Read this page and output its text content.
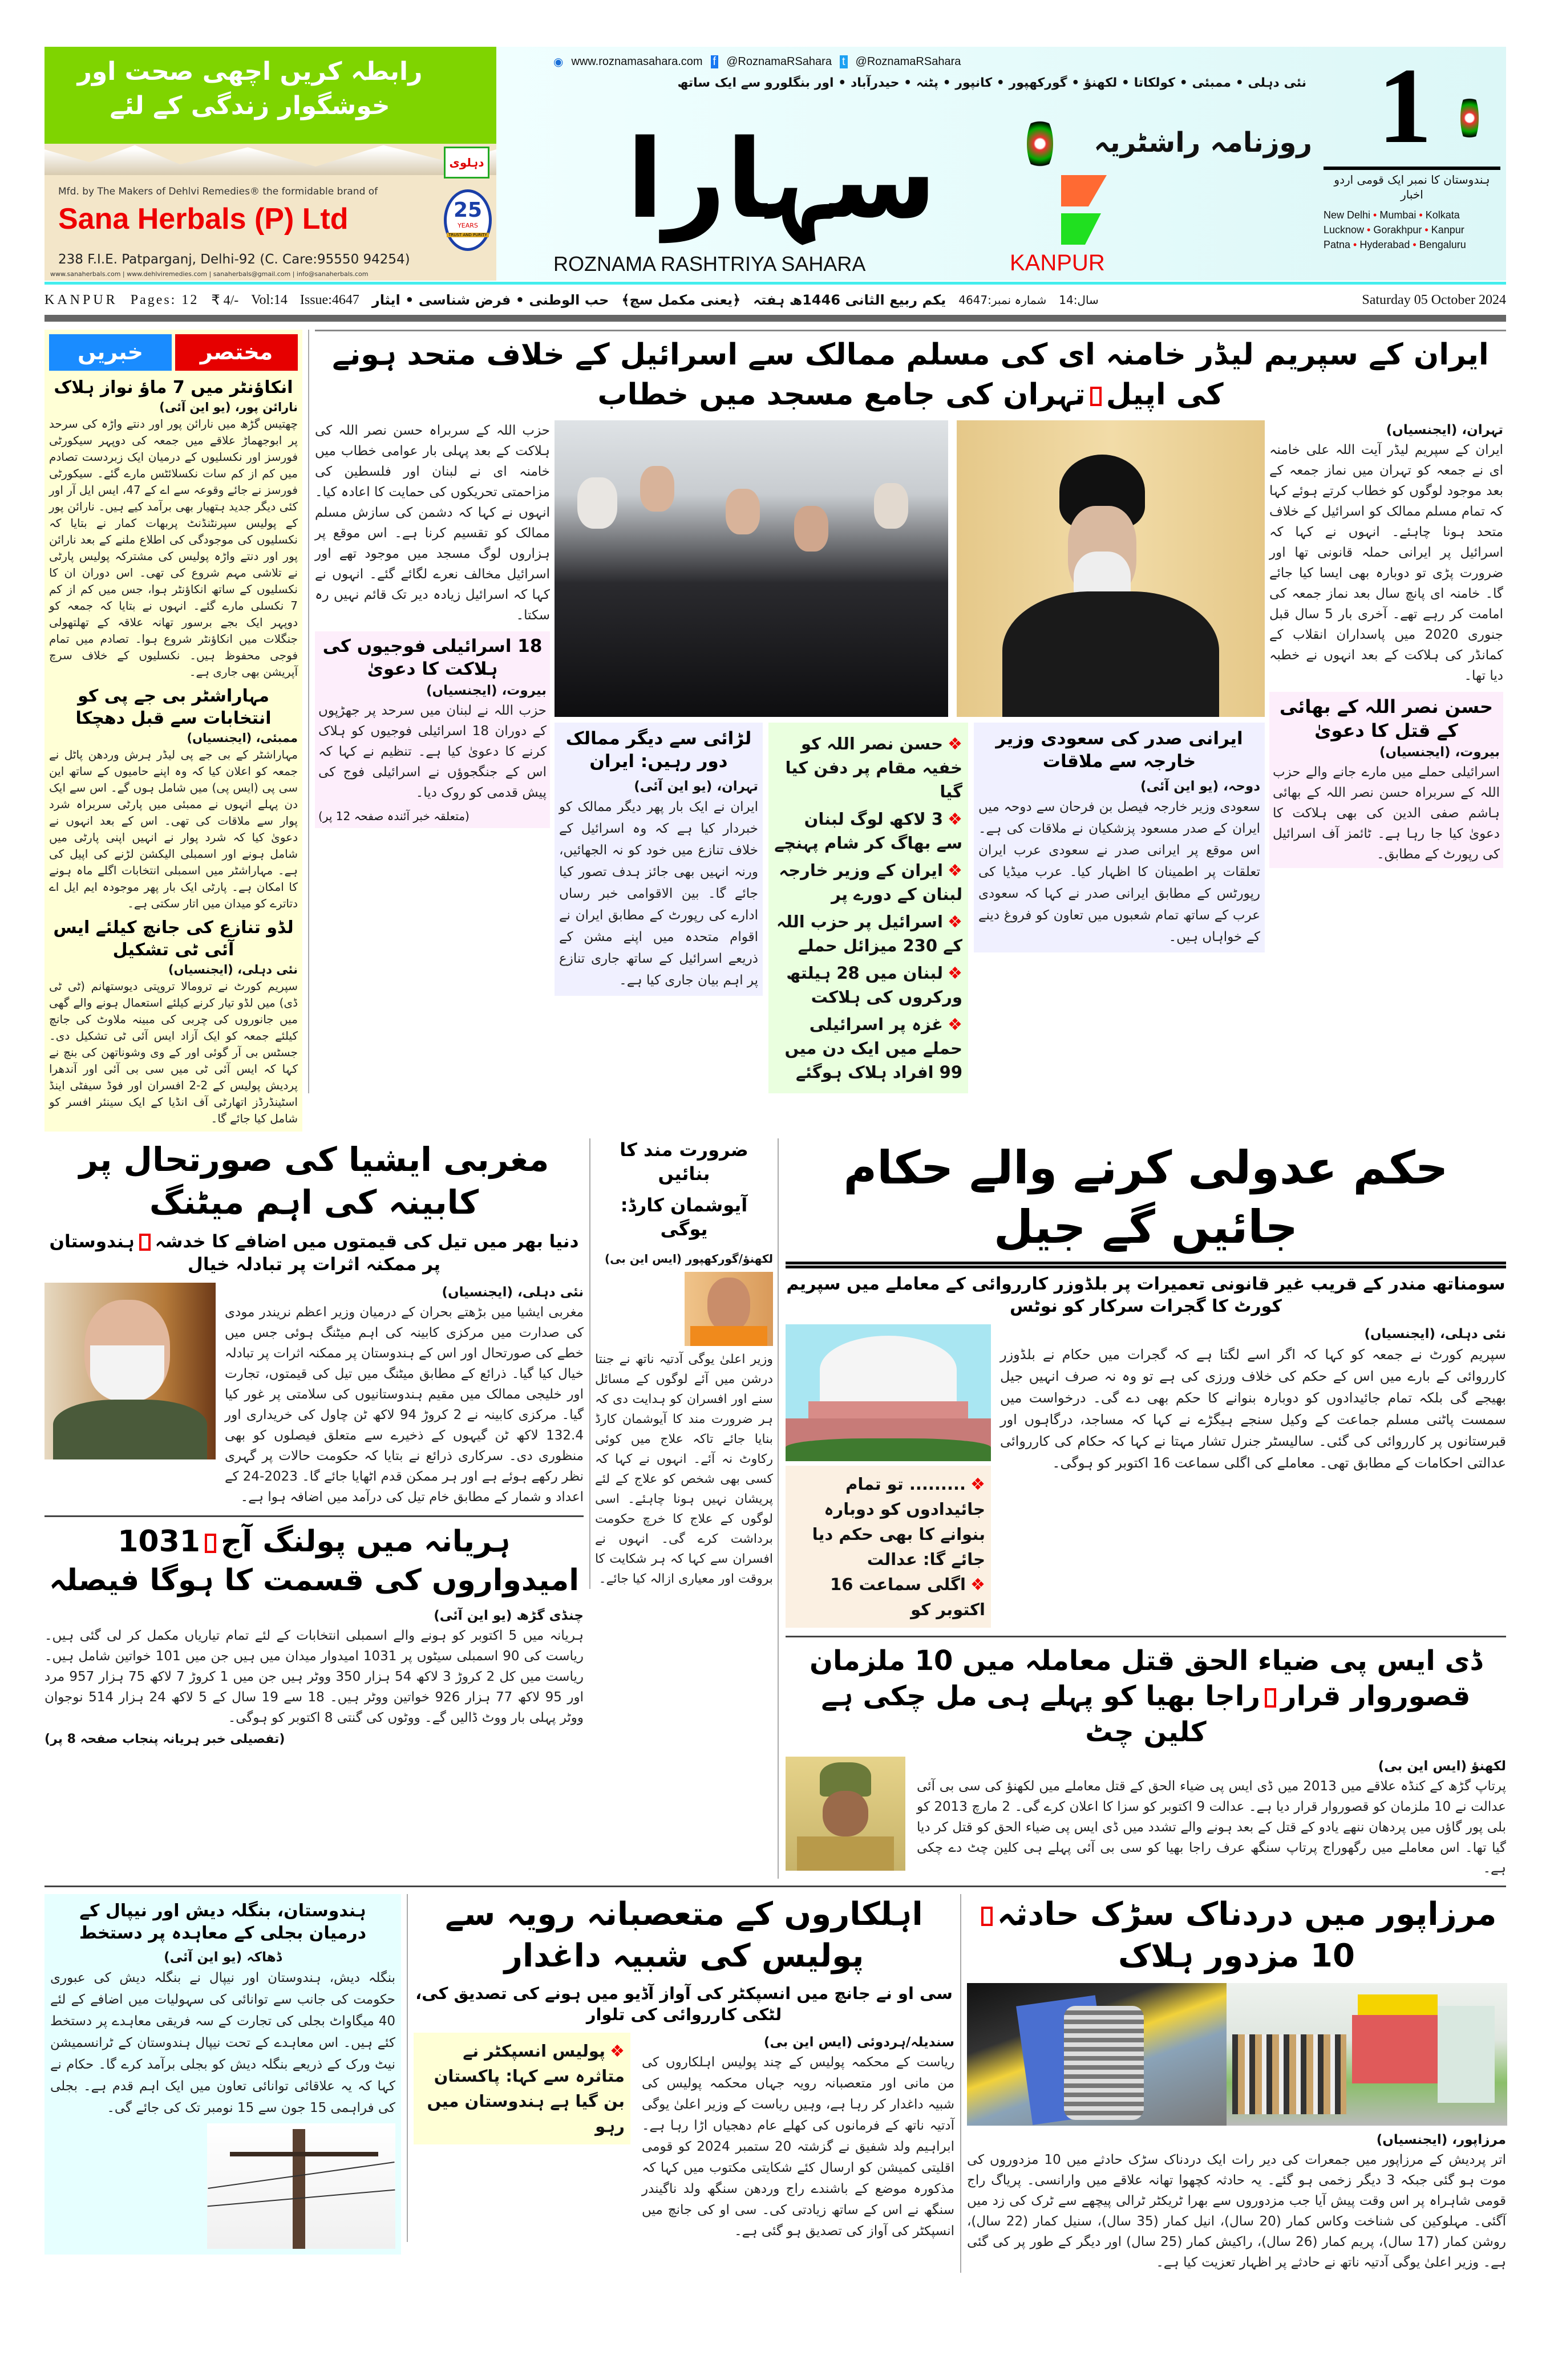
رابطہ کریں اچھی صحت اور خوشگوار زندگی کے لئے
دہلوی
Mfd. by The Makers of Dehlvi Remedies® the formidable brand of
Sana Herbals (P) Ltd	25
YEARS
TRUST AND PURITY
238 F.I.E. Patparganj, Delhi-92 (C. Care:95550 94254)
www.sanaherbals.com | www.dehlviremedies.com | sanaherbals@gmail.com | info@sanaherbals.com
◉ www.roznamasahara.com f @RoznamaRSahara t @RoznamaRSahara
نئی دہلی • ممبئی • کولکاتا • لکھنؤ • گورکھپور • کانپور • پٹنہ • حیدرآباد • اور بنگلورو سے ایک ساتھ
سہارا	روزنامہ راشٹریہ
ROZNAMA RASHTRIYA SAHARA	KANPUR
1
ہندوستان کا نمبر ایک قومی اردو اخبار
New Delhi • Mumbai • Kolkata
Lucknow • Gorakhpur • Kanpur
Patna • Hyderabad • Bengaluru
KANPUR Pages: 12 ₹ 4/- Vol:14 Issue:4647 حب الوطنی • فرض شناسی • ایثار ﴿یعنی مکمل سچ﴾ یکم ربیع الثانی 1446ھ ہفتہ شمارہ نمبر:4647 سال:14	Saturday 05 October 2024
خبریں	مختصر
انکاؤنٹر میں 7 ماؤ نواز ہلاک
نارائن پور، (یو این آئی)
چھتیس گڑھ میں نارائن پور اور دنتے واڑہ کی سرحد پر ابوجھماڑ علاقے میں جمعہ کی دوپہر سیکورٹی فورسز اور نکسلیوں کے درمیان ایک زبردست تصادم میں کم از کم سات نکسلائٹس مارے گئے۔ سیکورٹی فورسز نے جائے وقوعہ سے اے کے 47، ایس ایل آر اور کئی دیگر جدید ہتھیار بھی برآمد کیے ہیں۔ نارائن پور کے پولیس سپرنٹنڈنٹ پربھات کمار نے بتایا کہ نکسلیوں کی موجودگی کی اطلاع ملنے کے بعد نارائن پور اور دنتے واڑہ پولیس کی مشترکہ پولیس پارٹی نے تلاشی مہم شروع کی تھی۔ اس دوران ان کا نکسلیوں کے ساتھ انکاؤنٹر ہوا، جس میں کم از کم 7 نکسلی مارے گئے۔ انہوں نے بتایا کہ جمعہ کو دوپہر ایک بجے برسور تھانہ علاقہ کے تھلتھولی جنگلات میں انکاؤنٹر شروع ہوا۔ تصادم میں تمام فوجی محفوظ ہیں۔ نکسلیوں کے خلاف سرچ آپریشن بھی جاری ہے۔
مہاراشٹر بی جے پی کو انتخابات سے قبل دھچکا
ممبئی، (ایجنسیاں)
مہاراشٹر کے بی جے پی لیڈر ہرش وردھن پاٹل نے جمعہ کو اعلان کیا کہ وہ اپنے حامیوں کے ساتھ این سی پی (ایس پی) میں شامل ہوں گے۔ اس سے ایک دن پہلے انہوں نے ممبئی میں پارٹی سربراہ شرد پوار سے ملاقات کی تھی۔ اس کے بعد انہوں نے دعویٰ کیا کہ شرد پوار نے انہیں اپنی پارٹی میں شامل ہونے اور اسمبلی الیکشن لڑنے کی اپیل کی ہے۔ مہاراشٹر میں اسمبلی انتخابات اگلے ماہ ہونے کا امکان ہے۔ پارٹی ایک بار پھر موجودہ ایم ایل اے دتاترے کو میدان میں اتار سکتی ہے۔
لڈو تنازع کی جانچ کیلئے ایس آئی ٹی تشکیل
نئی دہلی، (ایجنسیاں)
سپریم کورٹ نے ترومالا تروپتی دیوستھانم (ٹی ٹی ڈی) میں لڈو تیار کرنے کیلئے استعمال ہونے والے گھی میں جانوروں کی چربی کی مبینہ ملاوٹ کی جانچ کیلئے جمعہ کو ایک آزاد ایس آئی ٹی تشکیل دی۔ جسٹس بی آر گوئی اور کے وی وشوناتھن کی بنچ نے کہا کہ ایس آئی ٹی میں سی بی آئی اور آندھرا پردیش پولیس کے 2-2 افسران اور فوڈ سیفٹی اینڈ اسٹینڈرڈز اتھارٹی آف انڈیا کے ایک سینئر افسر کو شامل کیا جائے گا۔
ایران کے سپریم لیڈر خامنہ ای کی مسلم ممالک سے اسرائیل کے خلاف متحد ہونے کی اپیلتہران کی جامع مسجد میں خطاب
حزب اللہ کے سربراہ حسن نصر اللہ کی ہلاکت کے بعد پہلی بار عوامی خطاب میں خامنہ ای نے لبنان اور فلسطین کی مزاحمتی تحریکوں کی حمایت کا اعادہ کیا۔ انہوں نے کہا کہ دشمن کی سازش مسلم ممالک کو تقسیم کرنا ہے۔ اس موقع پر ہزاروں لوگ مسجد میں موجود تھے اور اسرائیل مخالف نعرے لگائے گئے۔ انہوں نے کہا کہ اسرائیل زیادہ دیر تک قائم نہیں رہ سکتا۔
18 اسرائیلی فوجیوں کی ہلاکت کا دعویٰ
بیروت، (ایجنسیاں)
حزب اللہ نے لبنان میں سرحد پر جھڑپوں کے دوران 18 اسرائیلی فوجیوں کو ہلاک کرنے کا دعویٰ کیا ہے۔ تنظیم نے کہا کہ اس کے جنگجوؤں نے اسرائیلی فوج کی پیش قدمی کو روک دیا۔
(متعلقہ خبر آئندہ صفحہ 12 پر)
لڑائی سے دیگر ممالک دور رہیں: ایران
تہران، (یو این آئی)
ایران نے ایک بار پھر دیگر ممالک کو خبردار کیا ہے کہ وہ اسرائیل کے خلاف تنازع میں خود کو نہ الجھائیں، ورنہ انہیں بھی جائز ہدف تصور کیا جائے گا۔ بین الاقوامی خبر رساں ادارے کی رپورٹ کے مطابق ایران نے اقوام متحدہ میں اپنے مشن کے ذریعے اسرائیل کے ساتھ جاری تنازع پر اہم بیان جاری کیا ہے۔
❖حسن نصر اللہ کو خفیہ مقام پر دفن کیا گیا
❖3 لاکھ لوگ لبنان سے بھاگ کر شام پہنچے
❖ایران کے وزیر خارجہ لبنان کے دورے پر
❖اسرائیل پر حزب اللہ کے 230 میزائل حملے
❖لبنان میں 28 ہیلتھ ورکروں کی ہلاکت
❖غزہ پر اسرائیلی حملے میں ایک دن میں 99 افراد ہلاک ہوگئے
ایرانی صدر کی سعودی وزیر خارجہ سے ملاقات
دوحہ، (یو این آئی)
سعودی وزیر خارجہ فیصل بن فرحان سے دوحہ میں ایران کے صدر مسعود پزشکیان نے ملاقات کی ہے۔ اس موقع پر ایرانی صدر نے سعودی عرب ایران تعلقات پر اطمینان کا اظہار کیا۔ عرب میڈیا کی رپورٹس کے مطابق ایرانی صدر نے کہا کہ سعودی عرب کے ساتھ تمام شعبوں میں تعاون کو فروغ دینے کے خواہاں ہیں۔
تہران، (ایجنسیاں)
ایران کے سپریم لیڈر آیت اللہ علی خامنہ ای نے جمعہ کو تہران میں نماز جمعہ کے بعد موجود لوگوں کو خطاب کرتے ہوئے کہا کہ تمام مسلم ممالک کو اسرائیل کے خلاف متحد ہونا چاہئے۔ انہوں نے کہا کہ اسرائیل پر ایرانی حملہ قانونی تھا اور ضرورت پڑی تو دوبارہ بھی ایسا کیا جائے گا۔ خامنہ ای پانچ سال بعد نماز جمعہ کی امامت کر رہے تھے۔ آخری بار 5 سال قبل جنوری 2020 میں پاسداران انقلاب کے کمانڈر کی ہلاکت کے بعد انہوں نے خطبہ دیا تھا۔
حسن نصر اللہ کے بھائی کے قتل کا دعویٰ
بیروت، (ایجنسیاں)
اسرائیلی حملے میں مارے جانے والے حزب اللہ کے سربراہ حسن نصر اللہ کے بھائی ہاشم صفی الدین کی بھی ہلاکت کا دعویٰ کیا جا رہا ہے۔ ٹائمز آف اسرائیل کی رپورٹ کے مطابق۔
مغربی ایشیا کی صورتحال پر کابینہ کی اہم میٹنگ
دنیا بھر میں تیل کی قیمتوں میں اضافے کا خدشہہندوستان پر ممکنہ اثرات پر تبادلہ خیال
نئی دہلی، (ایجنسیاں)
مغربی ایشیا میں بڑھتے بحران کے درمیان وزیر اعظم نریندر مودی کی صدارت میں مرکزی کابینہ کی اہم میٹنگ ہوئی جس میں خطے کی صورتحال اور اس کے ہندوستان پر ممکنہ اثرات پر تبادلہ خیال کیا گیا۔ ذرائع کے مطابق میٹنگ میں تیل کی قیمتوں، تجارت اور خلیجی ممالک میں مقیم ہندوستانیوں کی سلامتی پر غور کیا گیا۔ مرکزی کابینہ نے 2 کروڑ 94 لاکھ ٹن چاول کی خریداری اور 132.4 لاکھ ٹن گیہوں کے ذخیرے سے متعلق فیصلوں کو بھی منظوری دی۔ سرکاری ذرائع نے بتایا کہ حکومت حالات پر گہری نظر رکھے ہوئے ہے اور ہر ممکن قدم اٹھایا جائے گا۔ 2023-24 کے اعداد و شمار کے مطابق خام تیل کی درآمد میں اضافہ ہوا ہے۔
ہریانہ میں پولنگ آج1031 امیدواروں کی قسمت کا ہوگا فیصلہ
چنڈی گڑھ (یو این آئی)
ہریانہ میں 5 اکتوبر کو ہونے والے اسمبلی انتخابات کے لئے تمام تیاریاں مکمل کر لی گئی ہیں۔ ریاست کی 90 اسمبلی سیٹوں پر 1031 امیدوار میدان میں ہیں جن میں 101 خواتین شامل ہیں۔ ریاست میں کل 2 کروڑ 3 لاکھ 54 ہزار 350 ووٹر ہیں جن میں 1 کروڑ 7 لاکھ 75 ہزار 957 مرد اور 95 لاکھ 77 ہزار 926 خواتین ووٹر ہیں۔ 18 سے 19 سال کے 5 لاکھ 24 ہزار 514 نوجوان ووٹر پہلی بار ووٹ ڈالیں گے۔ ووٹوں کی گنتی 8 اکتوبر کو ہوگی۔
(تفصیلی خبر ہریانہ پنجاب صفحہ 8 پر)
ضرورت مند کا بنائیں
آیوشمان کارڈ: یوگی
لکھنؤ/گورکھپور (ایس این بی)
وزیر اعلیٰ یوگی آدتیہ ناتھ نے جنتا درشن میں آئے لوگوں کے مسائل سنے اور افسران کو ہدایت دی کہ ہر ضرورت مند کا آیوشمان کارڈ بنایا جائے تاکہ علاج میں کوئی رکاوٹ نہ آئے۔ انہوں نے کہا کہ کسی بھی شخص کو علاج کے لئے پریشان نہیں ہونا چاہئے۔ اسی لوگوں کے علاج کا خرچ حکومت برداشت کرے گی۔ انہوں نے افسران سے کہا کہ ہر شکایت کا بروقت اور معیاری ازالہ کیا جائے۔
حکم عدولی کرنے والے حکام جائیں گے جیل
سومناتھ مندر کے قریب غیر قانونی تعمیرات پر بلڈوزر کارروائی کے معاملے میں سپریم کورٹ کا گجرات سرکار کو نوٹس
❖......... تو تمام جائیدادوں کو دوبارہ بنوانے کا بھی حکم دیا جائے گا: عدالت
❖اگلی سماعت 16 اکتوبر کو
نئی دہلی، (ایجنسیاں)
سپریم کورٹ نے جمعہ کو کہا کہ اگر اسے لگتا ہے کہ گجرات میں حکام نے بلڈوزر کارروائی کے بارے میں اس کے حکم کی خلاف ورزی کی ہے تو وہ نہ صرف انہیں جیل بھیجے گی بلکہ تمام جائیدادوں کو دوبارہ بنوانے کا حکم بھی دے گی۔ درخواست میں سمست پاٹنی مسلم جماعت کے وکیل سنجے ہیگڑے نے کہا کہ مساجد، درگاہوں اور قبرستانوں پر کارروائی کی گئی۔ سالیسٹر جنرل تشار مہتا نے کہا کہ حکام کی کارروائی عدالتی احکامات کے مطابق تھی۔ معاملے کی اگلی سماعت 16 اکتوبر کو ہوگی۔
ڈی ایس پی ضیاء الحق قتل معاملہ میں 10 ملزمان قصوروار قرارراجا بھیا کو پہلے ہی مل چکی ہے کلین چٹ
لکھنؤ (ایس این بی)
پرتاپ گڑھ کے کنڈہ علاقے میں 2013 میں ڈی ایس پی ضیاء الحق کے قتل معاملے میں لکھنؤ کی سی بی آئی عدالت نے 10 ملزمان کو قصوروار قرار دیا ہے۔ عدالت 9 اکتوبر کو سزا کا اعلان کرے گی۔ 2 مارچ 2013 کو بلی پور گاؤں میں پردھان ننھے یادو کے قتل کے بعد ہونے والے تشدد میں ڈی ایس پی ضیاء الحق کو قتل کر دیا گیا تھا۔ اس معاملے میں رگھوراج پرتاپ سنگھ عرف راجا بھیا کو سی بی آئی پہلے ہی کلین چٹ دے چکی ہے۔
ہندوستان، بنگلہ دیش اور نیپال کے درمیان بجلی کے معاہدہ پر دستخط
ڈھاکہ (یو این آئی)
بنگلہ دیش، ہندوستان اور نیپال نے بنگلہ دیش کی عبوری حکومت کی جانب سے توانائی کی سہولیات میں اضافے کے لئے 40 میگاواٹ بجلی کی تجارت کے سہ فریقی معاہدے پر دستخط کئے ہیں۔ اس معاہدے کے تحت نیپال ہندوستان کے ٹرانسمیشن نیٹ ورک کے ذریعے بنگلہ دیش کو بجلی برآمد کرے گا۔ حکام نے کہا کہ یہ علاقائی توانائی تعاون میں ایک اہم قدم ہے۔ بجلی کی فراہمی 15 جون سے 15 نومبر تک کی جائے گی۔
اہلکاروں کے متعصبانہ رویہ سے پولیس کی شبیہ داغدار
سی او نے جانچ میں انسپکٹر کی آواز آڈیو میں ہونے کی تصدیق کی، لٹکی کارروائی کی تلوار
سندیلہ/ہردوئی (ایس این بی)
ریاست کے محکمہ پولیس کے چند پولیس اہلکاروں کی من مانی اور متعصبانہ رویہ جہاں محکمہ پولیس کی شبیہ داغدار کر رہا ہے، وہیں ریاست کے وزیر اعلیٰ یوگی آدتیہ ناتھ کے فرمانوں کی کھلے عام دھجیاں اڑا رہا ہے۔ ابراہیم ولد شفیق نے گزشتہ 20 ستمبر 2024 کو قومی اقلیتی کمیشن کو ارسال کئے شکایتی مکتوب میں کہا کہ مذکورہ موضع کے باشندے راج وردھن سنگھ ولد ناگیندر سنگھ نے اس کے ساتھ زیادتی کی۔ سی او کی جانچ میں انسپکٹر کی آواز کی تصدیق ہو گئی ہے۔
❖پولیس انسپکٹر نے متاثرہ سے کہا: پاکستان بن گیا ہے ہندوستان میں رہو
مرزاپور میں دردناک سڑک حادثہ10 مزدور ہلاک
مرزاپور، (ایجنسیاں)
اتر پردیش کے مرزاپور میں جمعرات کی دیر رات ایک دردناک سڑک حادثے میں 10 مزدوروں کی موت ہو گئی جبکہ 3 دیگر زخمی ہو گئے۔ یہ حادثہ کچھوا تھانہ علاقے میں وارانسی۔ پریاگ راج قومی شاہراہ پر اس وقت پیش آیا جب مزدوروں سے بھرا ٹریکٹر ٹرالی پیچھے سے ٹرک کی زد میں آگئی۔ مہلوکین کی شناخت وکاس کمار (20 سال)، انیل کمار (35 سال)، سنیل کمار (22 سال)، روشن کمار (17 سال)، پریم کمار (26 سال)، راکیش کمار (25 سال) اور دیگر کے طور پر کی گئی ہے۔ وزیر اعلیٰ یوگی آدتیہ ناتھ نے حادثے پر اظہار تعزیت کیا ہے۔
